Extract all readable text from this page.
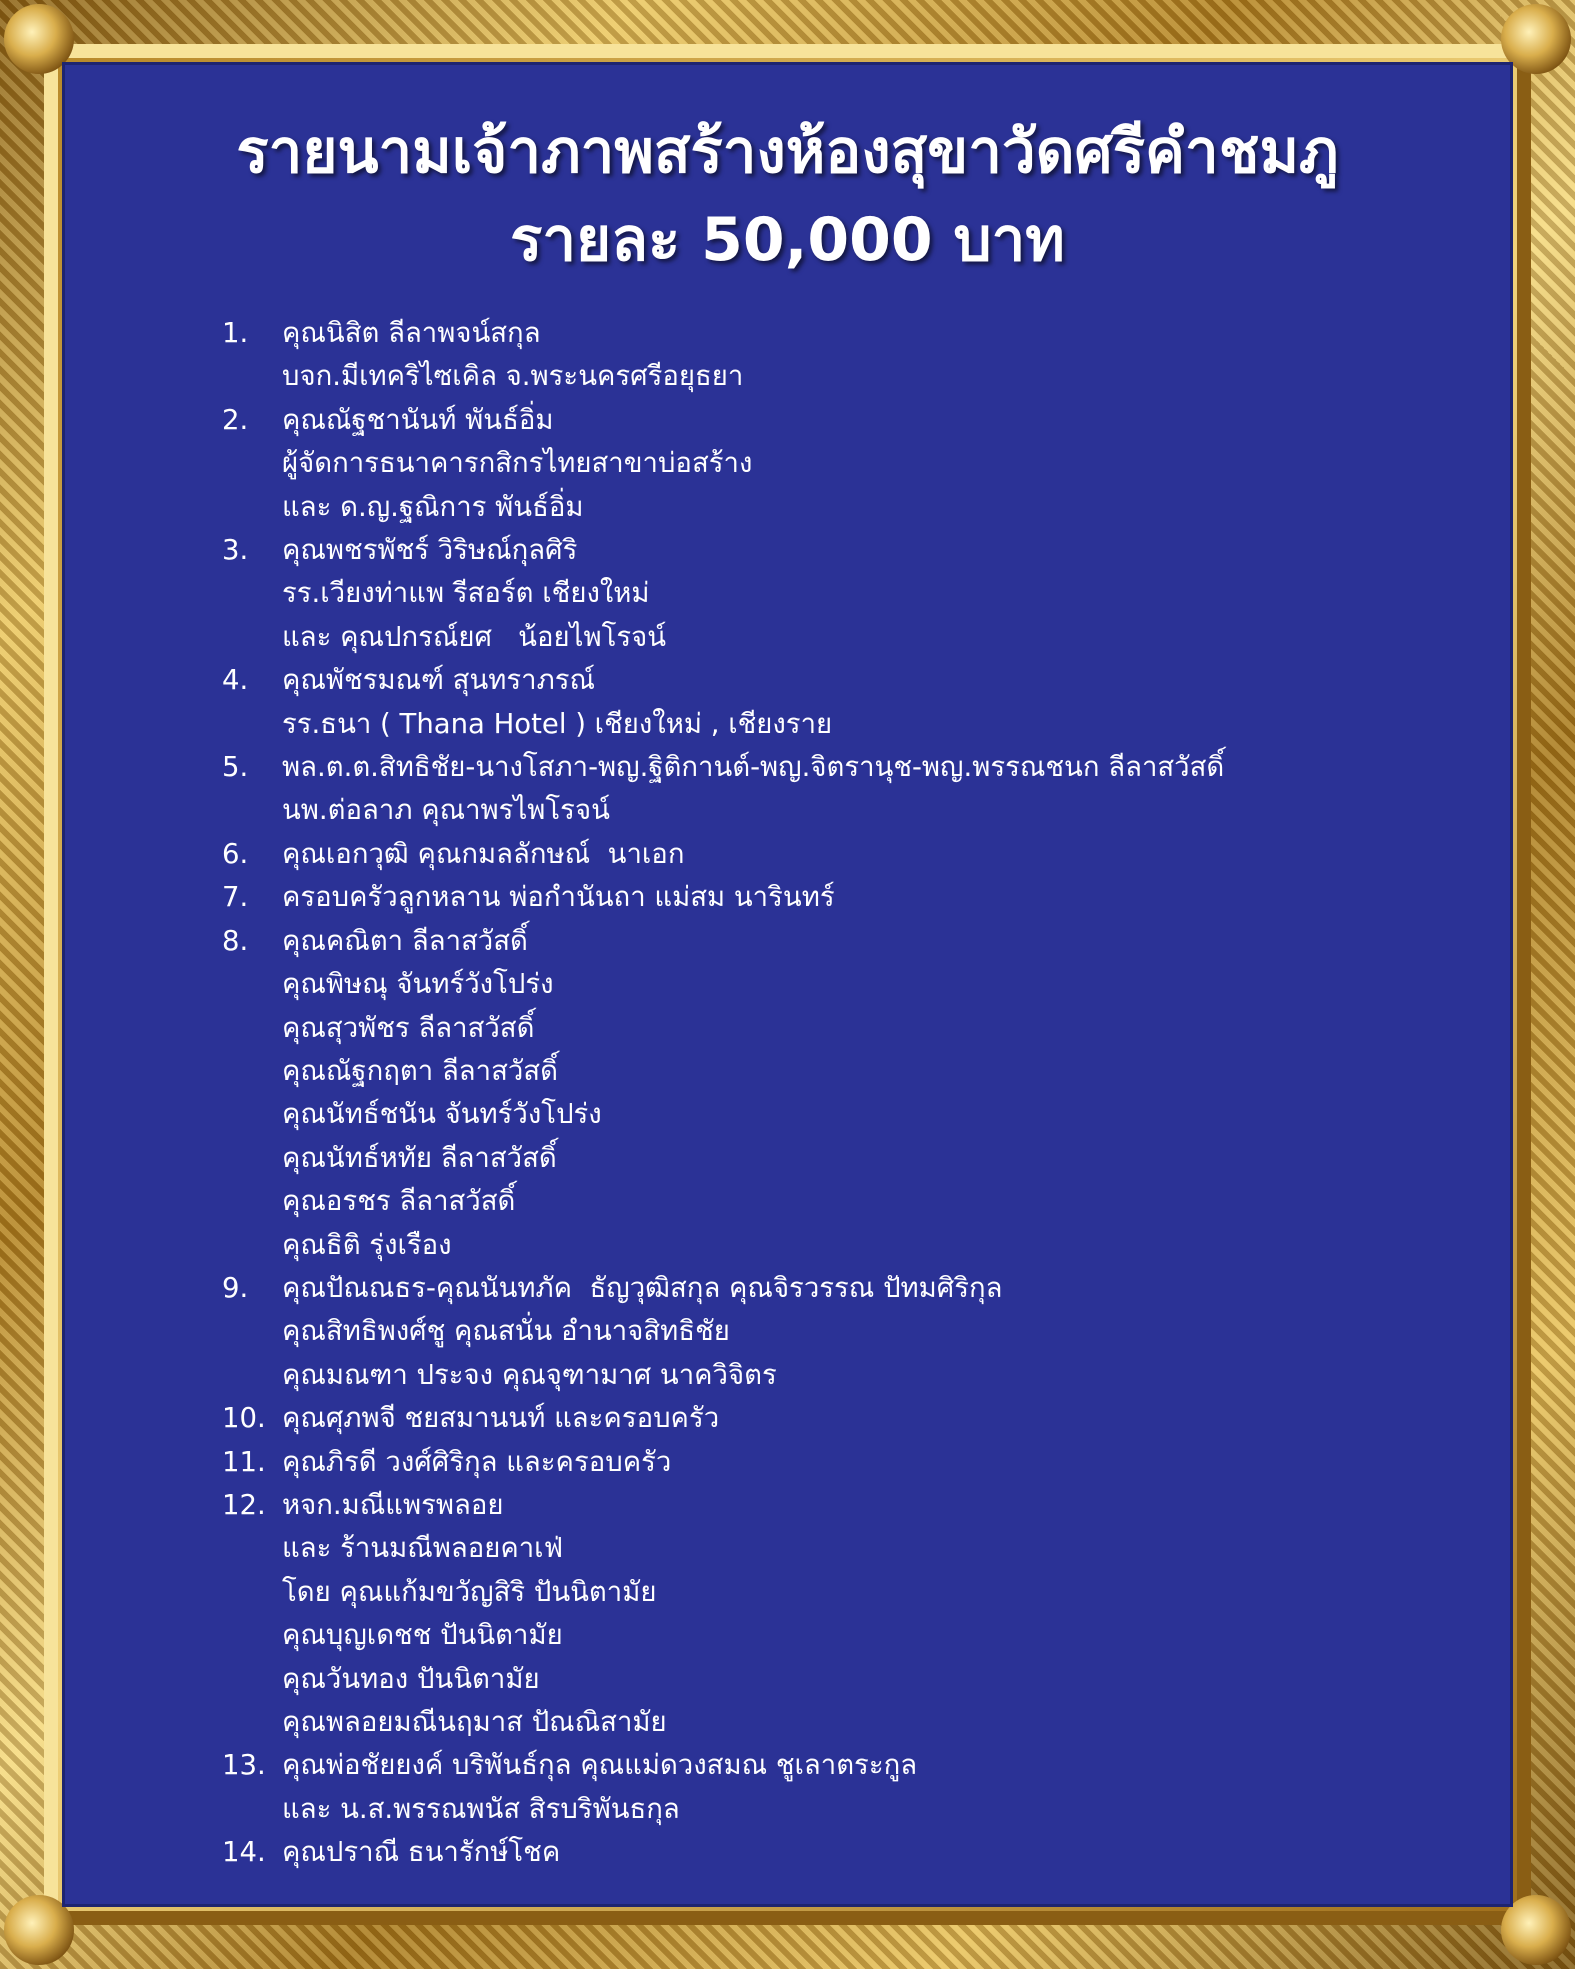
รายนามเจ้าภาพสร้างห้องสุขาวัดศรีคำชมภู
รายละ 50,000 บาท
1.	คุณนิสิต ลีลาพจน์สกุล
บจก.มีเทคริไซเคิล จ.พระนครศรีอยุธยา
2.	คุณณัฐชานันท์ พันธ์อิ่ม
ผู้จัดการธนาคารกสิกรไทยสาขาบ่อสร้าง
และ ด.ญ.ฐณิการ พันธ์อิ่ม
3.	คุณพชรพัชร์ วิริษณ์กุลศิริ
รร.เวียงท่าแพ รีสอร์ต เชียงใหม่
และ คุณปกรณ์ยศ   น้อยไพโรจน์
4.	คุณพัชรมณฑ์ สุนทราภรณ์
รร.ธนา ( Thana Hotel ) เชียงใหม่ , เชียงราย
5.	พล.ต.ต.สิทธิชัย-นางโสภา-พญ.ฐิติกานต์-พญ.จิตรานุช-พญ.พรรณชนก ลีลาสวัสดิ์
นพ.ต่อลาภ คุณาพรไพโรจน์
6.	คุณเอกวุฒิ คุณกมลลักษณ์  นาเอก
7.	ครอบครัวลูกหลาน พ่อกำนันถา แม่สม นารินทร์
8.	คุณคณิตา ลีลาสวัสดิ์
คุณพิษณุ จันทร์วังโปร่ง
คุณสุวพัชร ลีลาสวัสดิ์
คุณณัฐกฤตา ลีลาสวัสดิ์
คุณนัทธ์ชนัน จันทร์วังโปร่ง
คุณนัทธ์หทัย ลีลาสวัสดิ์
คุณอรชร ลีลาสวัสดิ์
คุณธิติ รุ่งเรือง
9.	คุณปัณณธร-คุณนันทภัค  ธัญวุฒิสกุล คุณจิรวรรณ ปัทมศิริกุล
คุณสิทธิพงศ์ชู คุณสนั่น อำนาจสิทธิชัย
คุณมณฑา ประจง คุณจุฑามาศ นาควิจิตร
10. คุณศุภพจี ชยสมานนท์ และครอบครัว
11. คุณภิรดี วงศ์ศิริกุล และครอบครัว
12. หจก.มณีแพรพลอย
และ ร้านมณีพลอยคาเฟ่
โดย คุณแก้มขวัญสิริ ปันนิตามัย
คุณบุญเดชช ปันนิตามัย
คุณวันทอง ปันนิตามัย
คุณพลอยมณีนฤมาส ปัณณิสามัย
13. คุณพ่อชัยยงค์ บริพันธ์กุล คุณแม่ดวงสมณ ชูเลาตระกูล
และ น.ส.พรรณพนัส สิรบริพันธกุล
14. คุณปราณี ธนารักษ์โชค
